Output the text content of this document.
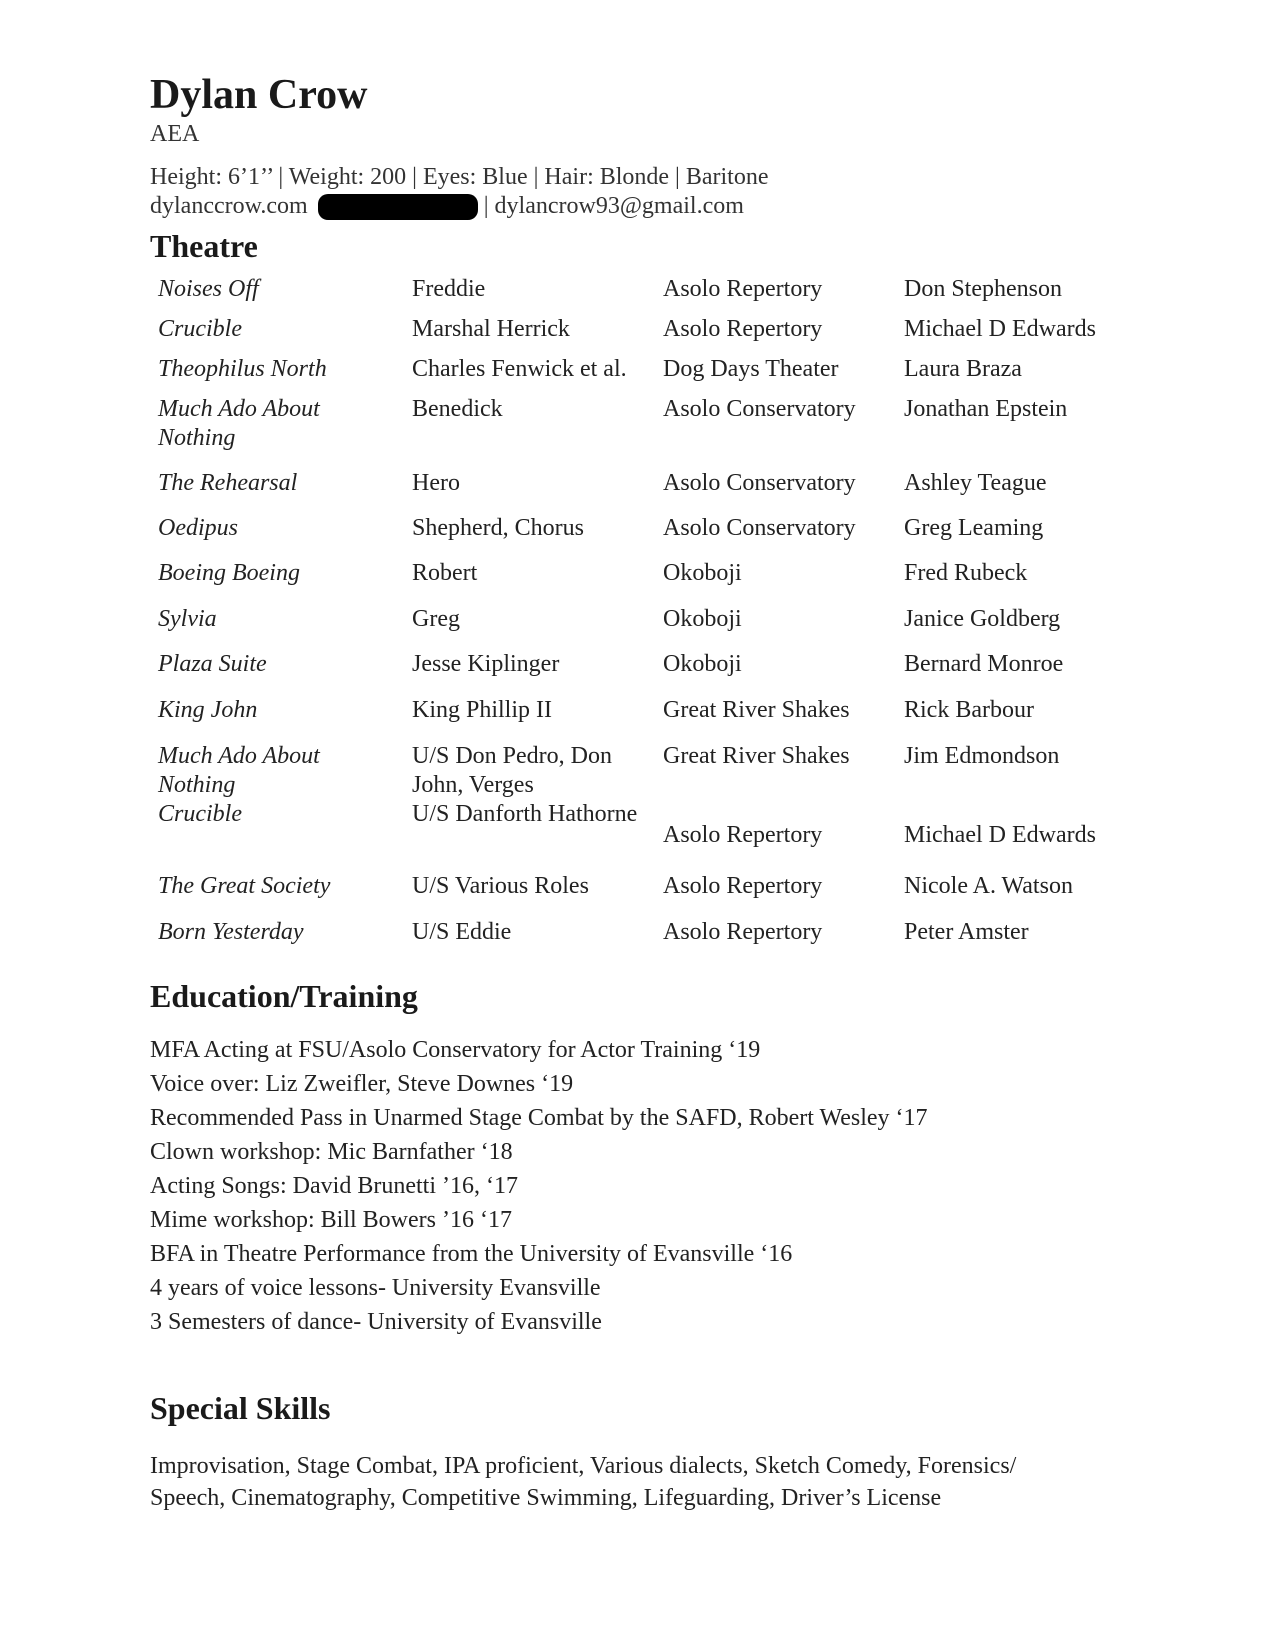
Dylan Crow
AEA
Height: 6’1’’ | Weight: 200 | Eyes: Blue | Hair: Blonde | Baritone
dylanccrow.com	| dylancrow93@gmail.com
Theatre
Noises Off	Freddie	Asolo Repertory	Don Stephenson
Crucible	Marshal Herrick	Asolo Repertory	Michael D Edwards
Theophilus North	Charles Fenwick et al.	Dog Days Theater	Laura Braza
Much Ado About Nothing	Benedick	Asolo Conservatory	Jonathan Epstein
The Rehearsal	Hero	Asolo Conservatory	Ashley Teague
Oedipus	Shepherd, Chorus	Asolo Conservatory	Greg Leaming
Boeing Boeing	Robert	Okoboji	Fred Rubeck
Sylvia	Greg	Okoboji	Janice Goldberg
Plaza Suite	Jesse Kiplinger	Okoboji	Bernard Monroe
King John	King Phillip II	Great River Shakes	Rick Barbour
Much Ado About Nothing	U/S Don Pedro, Don John, Verges	Great River Shakes	Jim Edmondson
Crucible	U/S Danforth Hathorne	Asolo Repertory	Michael D Edwards
The Great Society	U/S Various Roles	Asolo Repertory	Nicole A. Watson
Born Yesterday	U/S Eddie	Asolo Repertory	Peter Amster
Education/Training
MFA Acting at FSU/Asolo Conservatory for Actor Training ‘19
Voice over: Liz Zweifler, Steve Downes ‘19
Recommended Pass in Unarmed Stage Combat by the SAFD, Robert Wesley ‘17
Clown workshop: Mic Barnfather ‘18
Acting Songs: David Brunetti ’16, ‘17
Mime workshop: Bill Bowers ’16 ‘17
BFA in Theatre Performance from the University of Evansville ‘16
4 years of voice lessons- University Evansville
3 Semesters of dance- University of Evansville
Special Skills
Improvisation, Stage Combat, IPA proficient, Various dialects, Sketch Comedy, Forensics/ Speech, Cinematography, Competitive Swimming, Lifeguarding, Driver’s License
